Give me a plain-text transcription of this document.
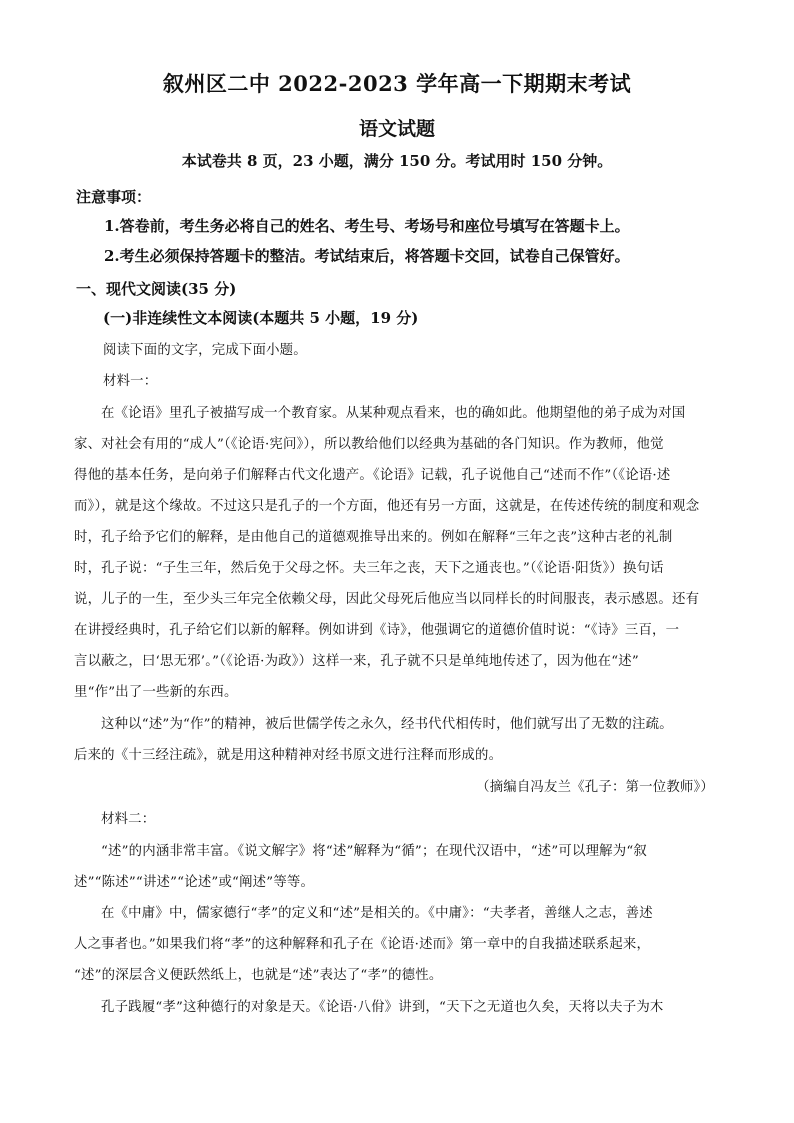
叙州区二中 2022-2023 学年高一下期期末考试
语文试题
本试卷共 8 页，23 小题，满分 150 分。考试用时 150 分钟。
注意事项：
1.答卷前，考生务必将自己的姓名、考生号、考场号和座位号填写在答题卡上。
2.考生必须保持答题卡的整洁。考试结束后，将答题卡交回，试卷自己保管好。
一、现代文阅读(35 分)
(一)非连续性文本阅读(本题共 5 小题，19 分)
阅读下面的文字，完成下面小题。
材料一：
在《论语》里孔子被描写成一个教育家。从某种观点看来，也的确如此。他期望他的弟子成为对国
家、对社会有用的“成人”（《论语·宪问》），所以教给他们以经典为基础的各门知识。作为教师，他觉
得他的基本任务，是向弟子们解释古代文化遗产。《论语》记载，孔子说他自己“述而不作”（《论语·述
而》），就是这个缘故。不过这只是孔子的一个方面，他还有另一方面，这就是，在传述传统的制度和观念
时，孔子给予它们的解释，是由他自己的道德观推导出来的。例如在解释“三年之丧”这种古老的礼制
时，孔子说：“子生三年，然后免于父母之怀。夫三年之丧，天下之通丧也。”（《论语·阳货》）换句话
说，儿子的一生，至少头三年完全依赖父母，因此父母死后他应当以同样长的时间服丧，表示感恩。还有
在讲授经典时，孔子给它们以新的解释。例如讲到《诗》，他强调它的道德价值时说：“《诗》三百，一
言以蔽之，曰‘思无邪’。”（《论语·为政》）这样一来，孔子就不只是单纯地传述了，因为他在“述”
里“作”出了一些新的东西。
这种以“述”为“作”的精神，被后世儒学传之永久，经书代代相传时，他们就写出了无数的注疏。
后来的《十三经注疏》，就是用这种精神对经书原文进行注释而形成的。
（摘编自冯友兰《孔子：第一位教师》）
材料二：
“述”的内涵非常丰富。《说文解字》将“述”解释为“循”；在现代汉语中，“述”可以理解为“叙
述”“陈述”“讲述”“论述”或“阐述”等等。
在《中庸》中，儒家德行“孝”的定义和“述”是相关的。《中庸》：“夫孝者，善继人之志，善述
人之事者也。”如果我们将“孝”的这种解释和孔子在《论语·述而》第一章中的自我描述联系起来，
“述”的深层含义便跃然纸上，也就是“述”表达了“孝”的德性。
孔子践履“孝”这种德行的对象是天。《论语·八佾》讲到，“天下之无道也久矣，天将以夫子为木
